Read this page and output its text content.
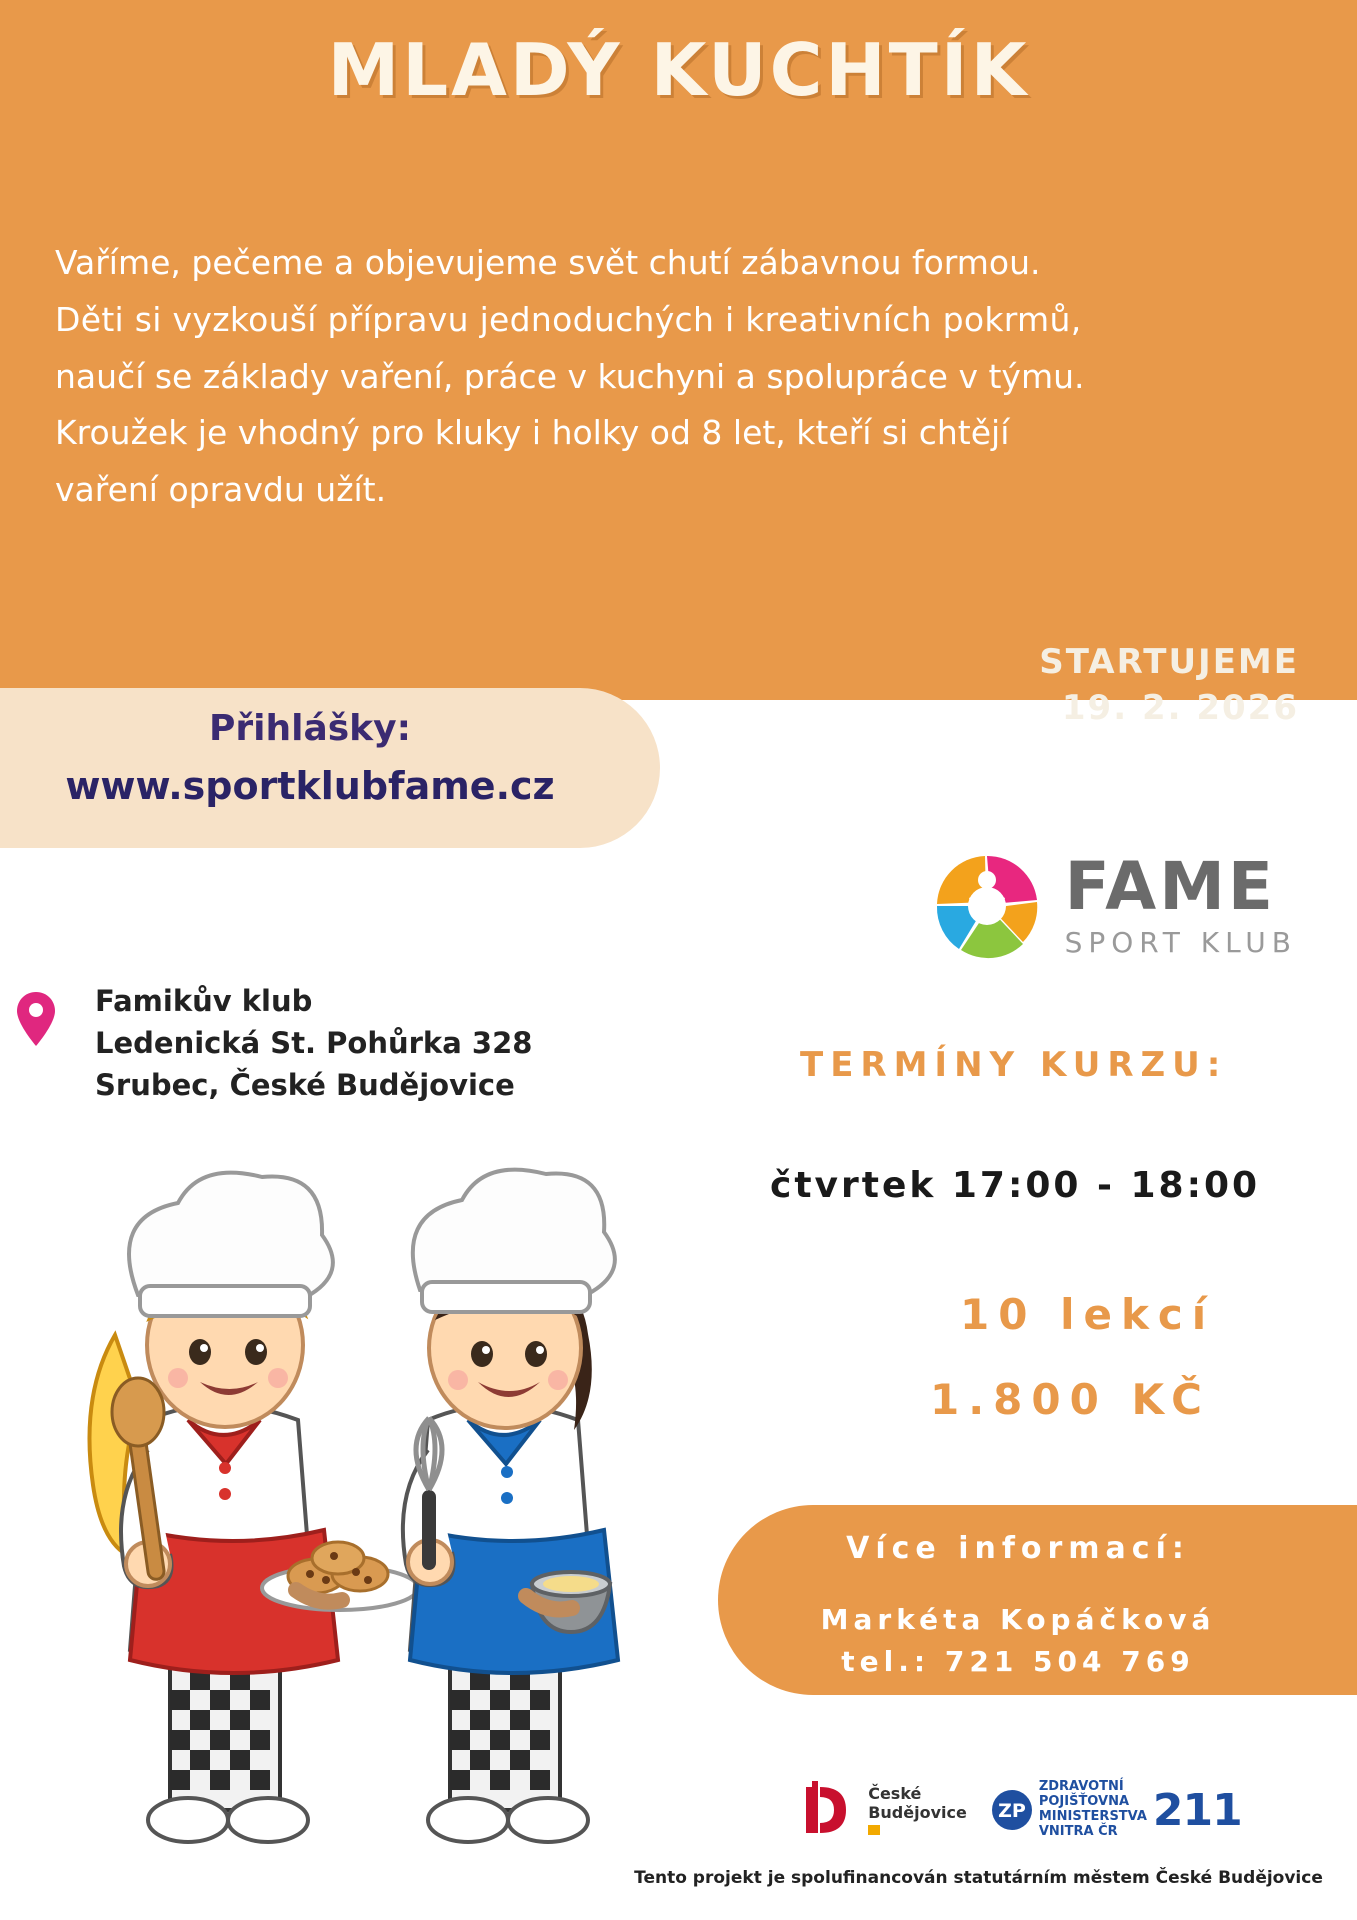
MLADÝ KUCHTÍK

Vaříme, pečeme a objevujeme svět chutí zábavnou formou.

Děti si vyzkouší přípravu jednoduchých i kreativních pokrmů,

naučí se základy vaření, práce v kuchyni a spolupráce v týmu.

Kroužek je vhodný pro kluky i holky od 8 let, kteří si chtějí

vaření opravdu užít.

STARTUJEME
19. 2. 2026
Přihlášky:
www.sportklubfame.cz
FAME
SPORT KLUB
Famikův klub
Ledenická St. Pohůrka 328
Srubec, České Budějovice
TERMÍNY KURZU:
čtvrtek 17:00 - 18:00
10 lekcí
1.800 KČ
Více informací:
Markéta Kopáčková
tel.: 721 504 769
České
Budějovice ZP
ZDRAVOTNÍ
POJIŠŤOVNA
MINISTERSTVA
VNITRA ČR 211
Tento projekt je spolufinancován statutárním městem České Budějovice
